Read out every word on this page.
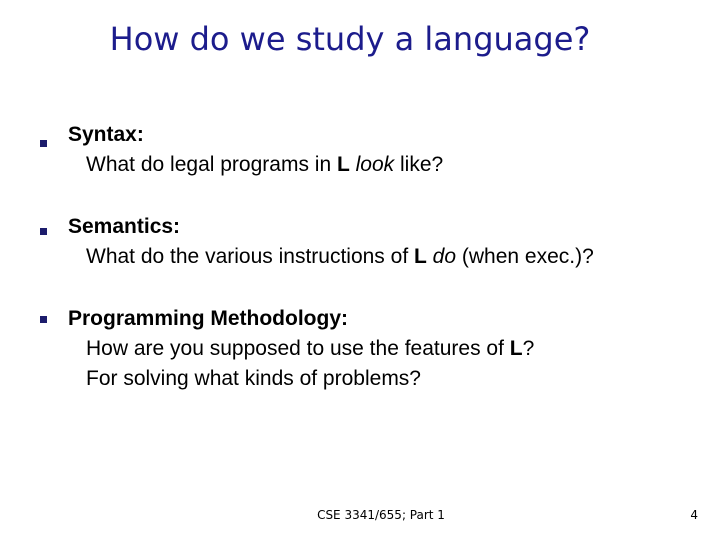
How do we study a language?
Syntax:
What do legal programs in L look like?
Semantics:
What do the various instructions of L do (when exec.)?
Programming Methodology:
How are you supposed to use the features of L?
For solving what kinds of problems?
CSE 3341/655; Part 1	4
